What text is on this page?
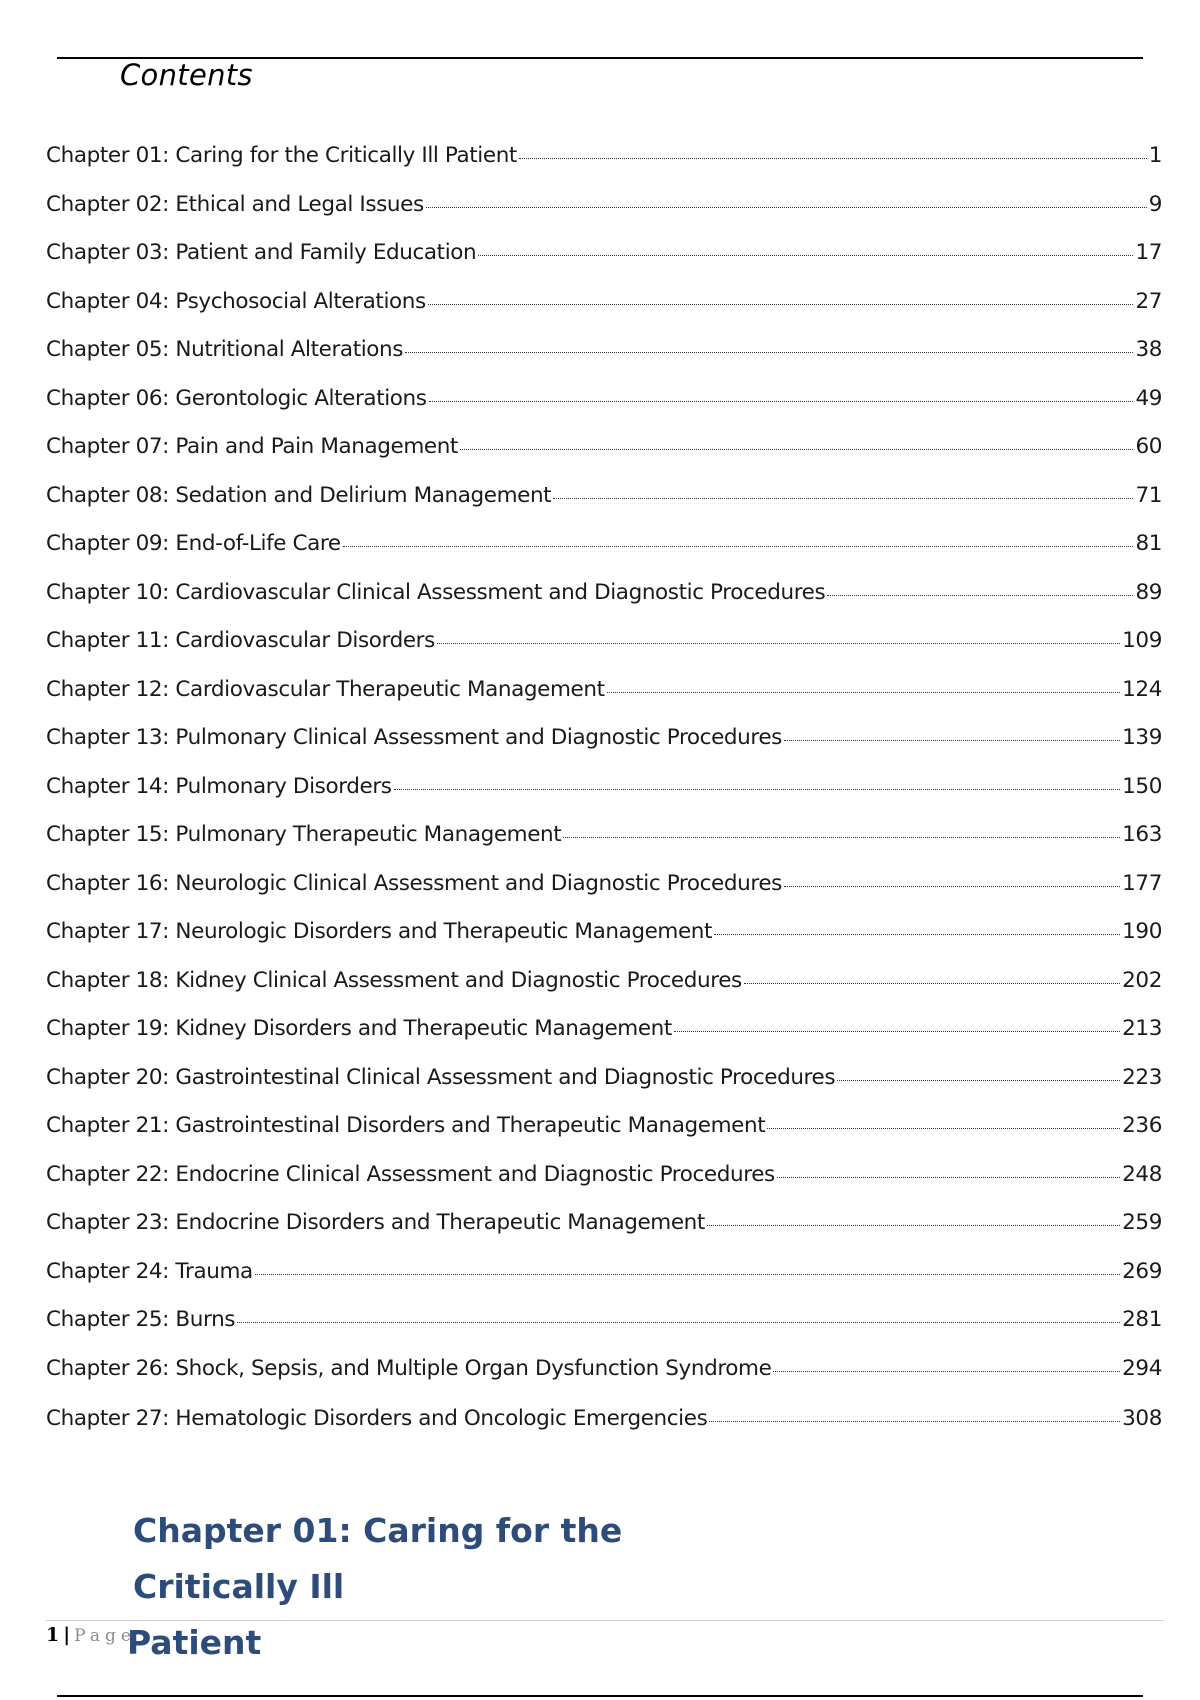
Contents
Chapter 01: Caring for the Critically Ill Patient	1
Chapter 02: Ethical and Legal Issues	9
Chapter 03: Patient and Family Education	17
Chapter 04: Psychosocial Alterations	27
Chapter 05: Nutritional Alterations	38
Chapter 06: Gerontologic Alterations	49
Chapter 07: Pain and Pain Management	60
Chapter 08: Sedation and Delirium Management	71
Chapter 09: End-of-Life Care	81
Chapter 10: Cardiovascular Clinical Assessment and Diagnostic Procedures	89
Chapter 11: Cardiovascular Disorders	109
Chapter 12: Cardiovascular Therapeutic Management	124
Chapter 13: Pulmonary Clinical Assessment and Diagnostic Procedures	139
Chapter 14: Pulmonary Disorders	150
Chapter 15: Pulmonary Therapeutic Management	163
Chapter 16: Neurologic Clinical Assessment and Diagnostic Procedures	177
Chapter 17: Neurologic Disorders and Therapeutic Management	190
Chapter 18: Kidney Clinical Assessment and Diagnostic Procedures	202
Chapter 19: Kidney Disorders and Therapeutic Management	213
Chapter 20: Gastrointestinal Clinical Assessment and Diagnostic Procedures	223
Chapter 21: Gastrointestinal Disorders and Therapeutic Management	236
Chapter 22: Endocrine Clinical Assessment and Diagnostic Procedures	248
Chapter 23: Endocrine Disorders and Therapeutic Management	259
Chapter 24: Trauma	269
Chapter 25: Burns	281
Chapter 26: Shock, Sepsis, and Multiple Organ Dysfunction Syndrome	294
Chapter 27: Hematologic Disorders and Oncologic Emergencies	308
Chapter 01: Caring for the Critically Ill
Patient
1 | Page
